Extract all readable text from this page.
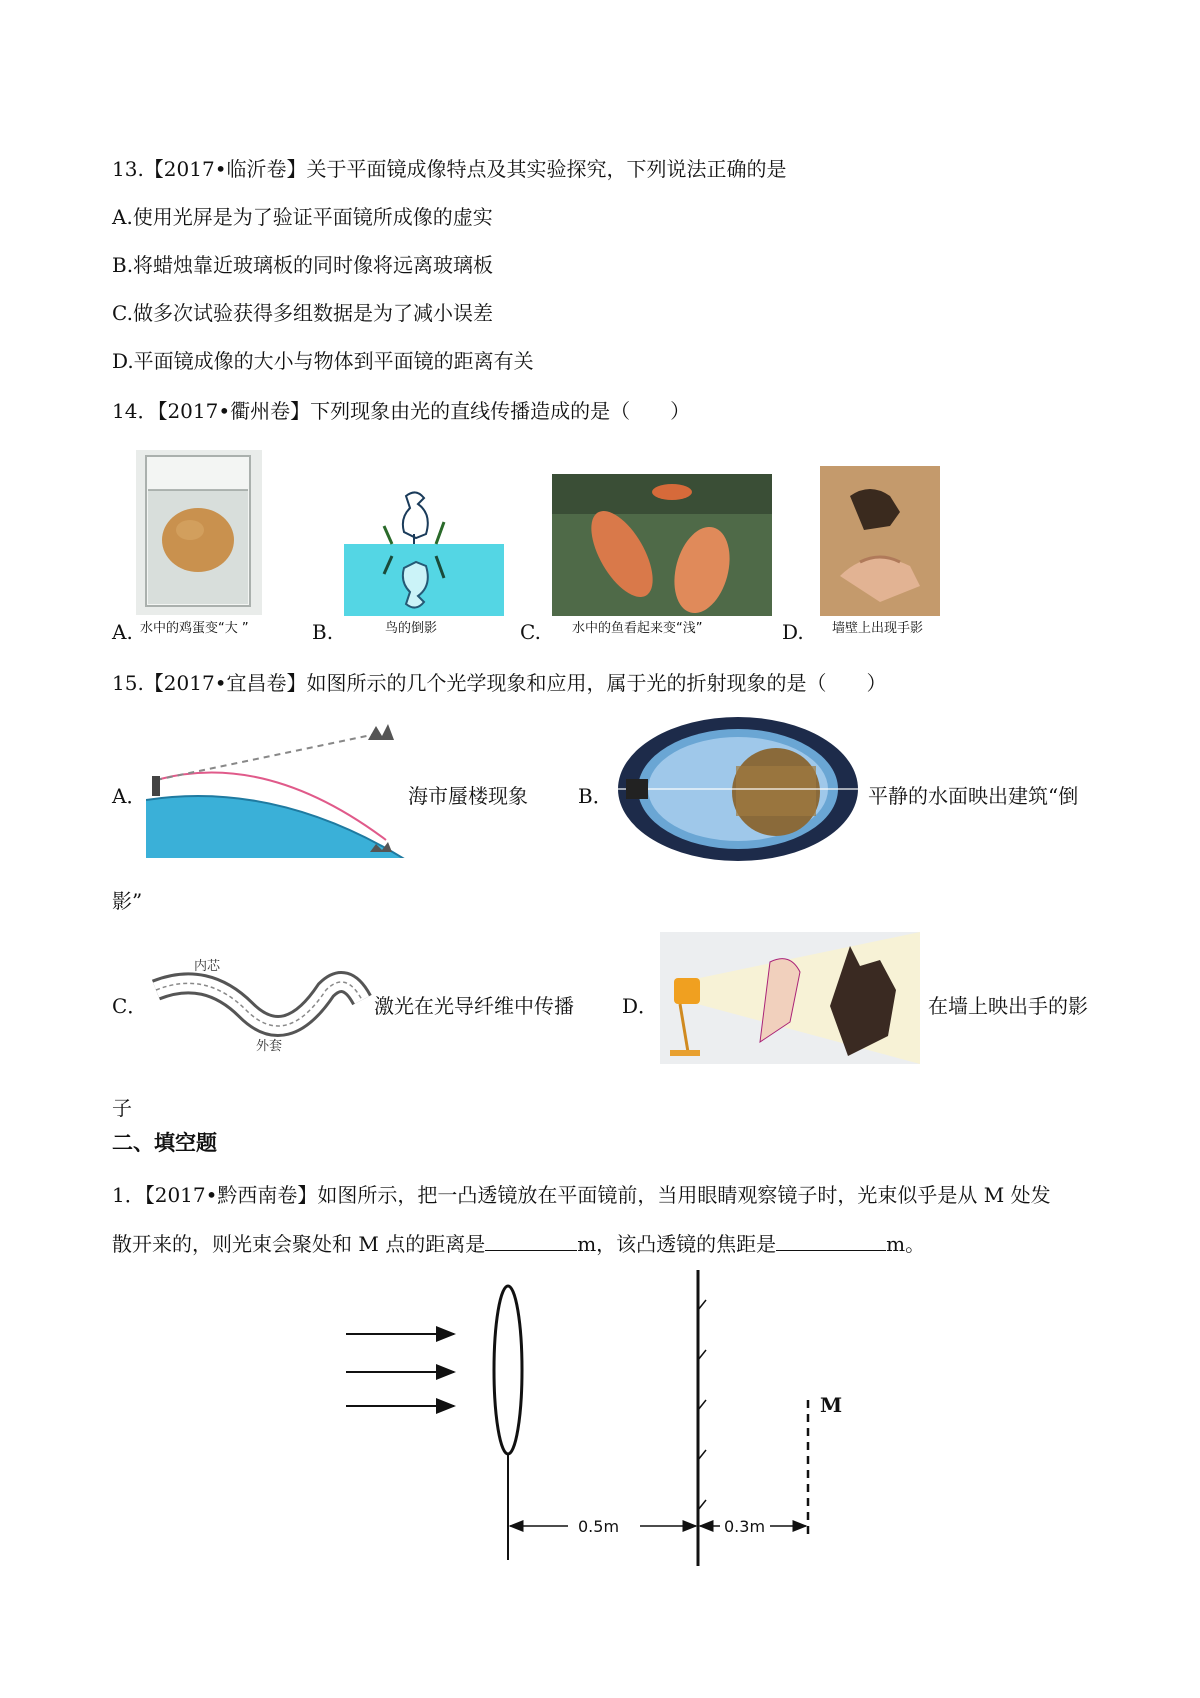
13.【2017•临沂卷】关于平面镜成像特点及其实验探究，下列说法正确的是
A.使用光屏是为了验证平面镜所成像的虚实
B.将蜡烛靠近玻璃板的同时像将远离玻璃板
C.做多次试验获得多组数据是为了减小误差
D.平面镜成像的大小与物体到平面镜的距离有关
14．【2017•衢州卷】下列现象由光的直线传播造成的是（　　）
A. 水中的鸡蛋变“大 ”	B.	鸟的倒影	C. 水中的鱼看起来变“浅”	D. 墙壁上出现手影
15.【2017•宜昌卷】如图所示的几个光学现象和应用，属于光的折射现象的是（　　）
A．	海市蜃楼现象	B．	平静的水面映出建筑“倒
影”
C．
内芯
外套
激光在光导纤维中传播 D．	在墙上映出手的影
子
二、填空题
1．【2017•黔西南卷】如图所示，把一凸透镜放在平面镜前，当用眼睛观察镜子时，光束似乎是从 M 处发
散开来的，则光束会聚处和 M 点的距离是	m，该凸透镜的焦距是	m。
M
0.5m	0.3m
